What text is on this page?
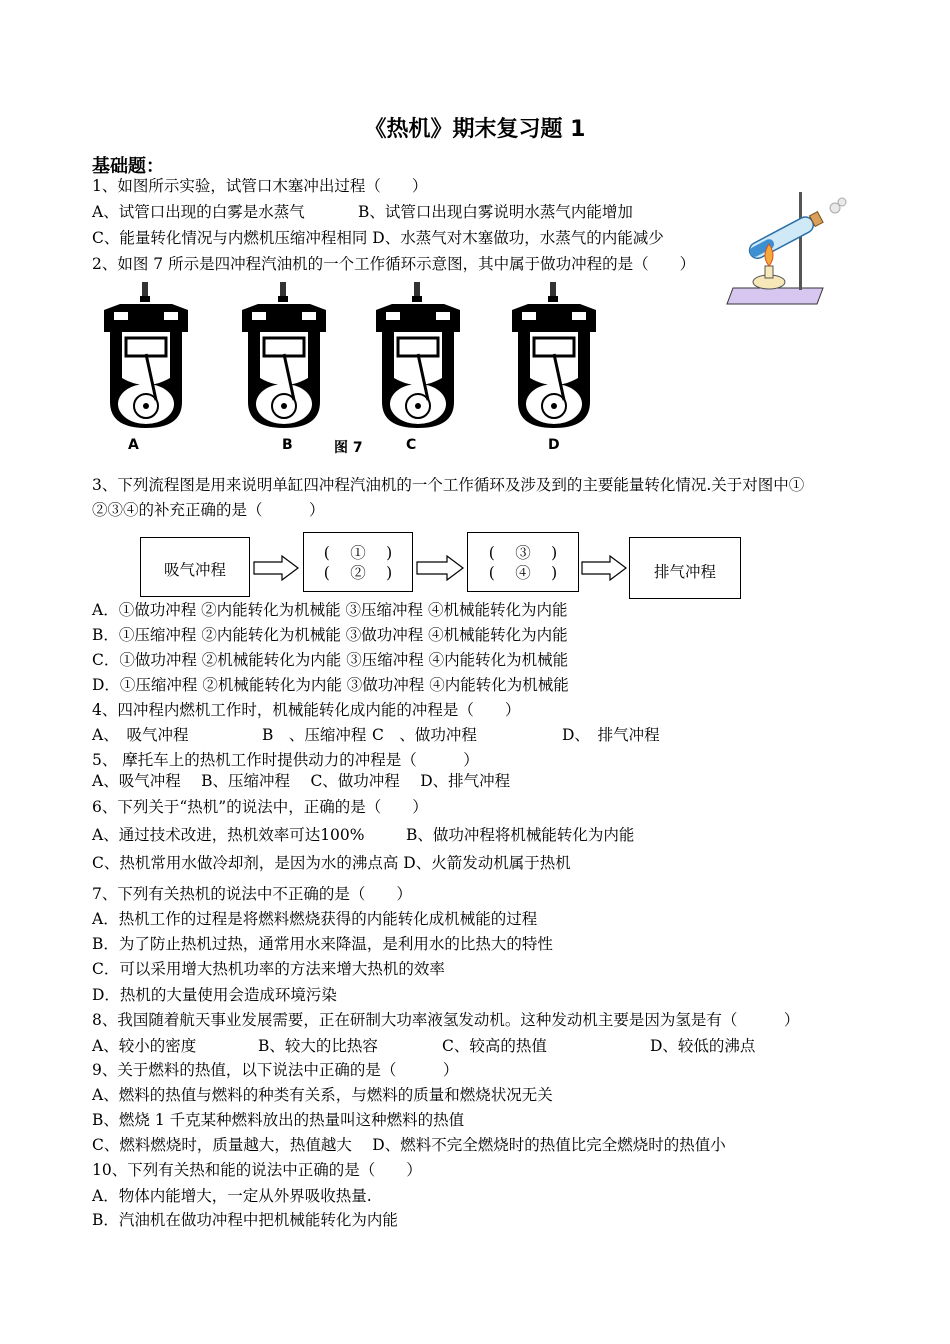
《热机》期末复习题 1
基础题：
1、如图所示实验，试管口木塞冲出过程（　　）
A、试管口出现的白雾是水蒸气	B、试管口出现白雾说明水蒸气内能增加
C、能量转化情况与内燃机压缩冲程相同 D、水蒸气对木塞做功，水蒸气的内能减少
2、如图 7 所示是四冲程汽油机的一个工作循环示意图，其中属于做功冲程的是（　　）
A	B	图 7	C	D
3、下列流程图是用来说明单缸四冲程汽油机的一个工作循环及涉及到的主要能量转化情况.关于对图中①
②③④的补充正确的是（　　　）
吸气冲程
(　 ①　 )
(　 ②　 )
(　 ③　 )
(　 ④　 )	排气冲程
A．①做功冲程 ②内能转化为机械能 ③压缩冲程 ④机械能转化为内能
B．①压缩冲程 ②内能转化为机械能 ③做功冲程 ④机械能转化为内能
C．①做功冲程 ②机械能转化为内能 ③压缩冲程 ④内能转化为机械能
D．①压缩冲程 ②机械能转化为内能 ③做功冲程 ④内能转化为机械能
4、四冲程内燃机工作时，机械能转化成内能的冲程是（　　）
A、　吸气冲程	B　、压缩冲程 C　、做功冲程	D、　排气冲程
5、 摩托车上的热机工作时提供动力的冲程是（　　　）
A、吸气冲程　 B、压缩冲程　 C、做功冲程　 D、排气冲程
6、下列关于“热机”的说法中，正确的是（　　）
A、通过技术改进，热机效率可达100%	B、做功冲程将机械能转化为内能
C、热机常用水做冷却剂，是因为水的沸点高 D、火箭发动机属于热机
7、下列有关热机的说法中不正确的是（　　）
A．热机工作的过程是将燃料燃烧获得的内能转化成机械能的过程
B．为了防止热机过热，通常用水来降温，是利用水的比热大的特性
C．可以采用增大热机功率的方法来增大热机的效率
D．热机的大量使用会造成环境污染
8、我国随着航天事业发展需要，正在研制大功率液氢发动机。这种发动机主要是因为氢是有（　　　）
A、较小的密度	B、较大的比热容	C、较高的热值	D、较低的沸点
9、关于燃料的热值，以下说法中正确的是（　　　）
A、燃料的热值与燃料的种类有关系，与燃料的质量和燃烧状况无关
B、燃烧 1 千克某种燃料放出的热量叫这种燃料的热值
C、燃料燃烧时，质量越大，热值越大　 D、燃料不完全燃烧时的热值比完全燃烧时的热值小
10、下列有关热和能的说法中正确的是（　　）
A．物体内能增大，一定从外界吸收热量.
B．汽油机在做功冲程中把机械能转化为内能
